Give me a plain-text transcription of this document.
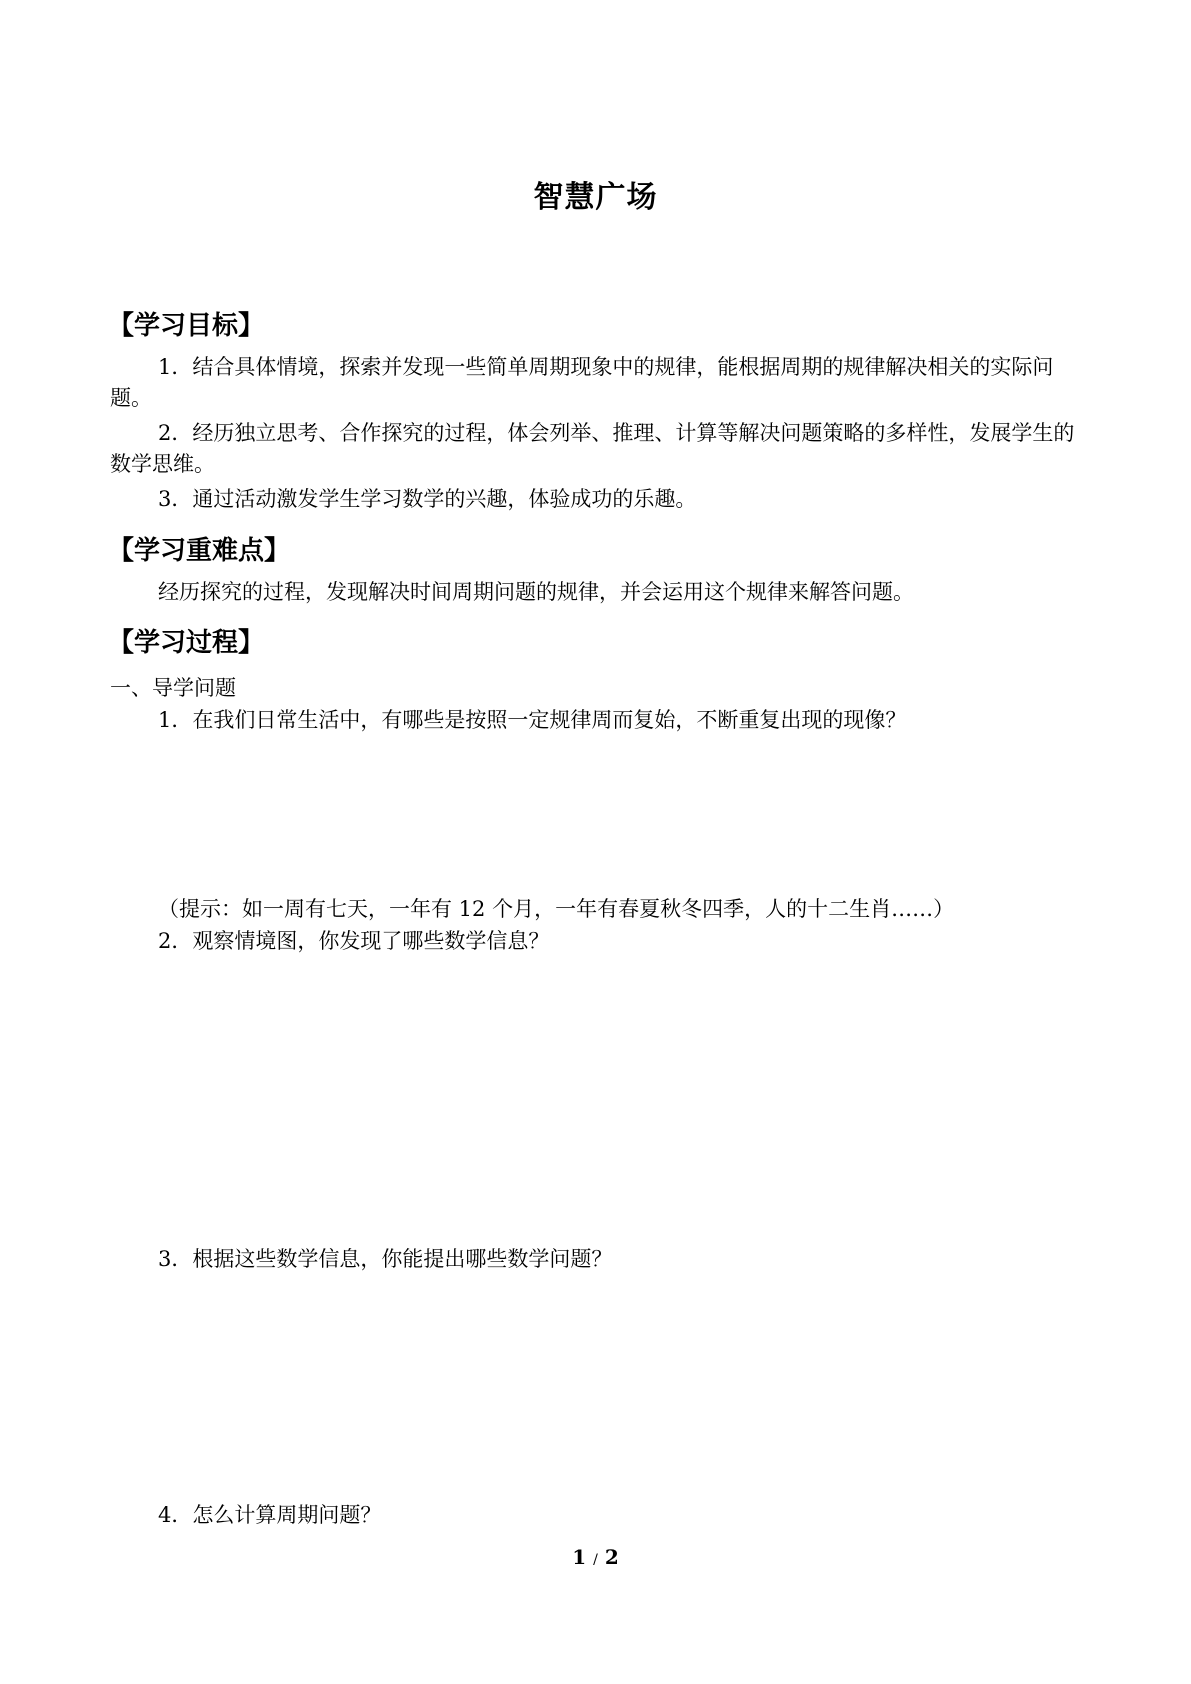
智慧广场
【学习目标】
1．结合具体情境，探索并发现一些简单周期现象中的规律，能根据周期的规律解决相关的实际问题。
2．经历独立思考、合作探究的过程，体会列举、推理、计算等解决问题策略的多样性，发展学生的数学思维。
3．通过活动激发学生学习数学的兴趣，体验成功的乐趣。
【学习重难点】
经历探究的过程，发现解决时间周期问题的规律，并会运用这个规律来解答问题。
【学习过程】
一、导学问题
1．在我们日常生活中，有哪些是按照一定规律周而复始，不断重复出现的现像？
（提示：如一周有七天，一年有 12 个月，一年有春夏秋冬四季，人的十二生肖……）
2．观察情境图，你发现了哪些数学信息？
3．根据这些数学信息，你能提出哪些数学问题？
4．怎么计算周期问题？
1 / 2
